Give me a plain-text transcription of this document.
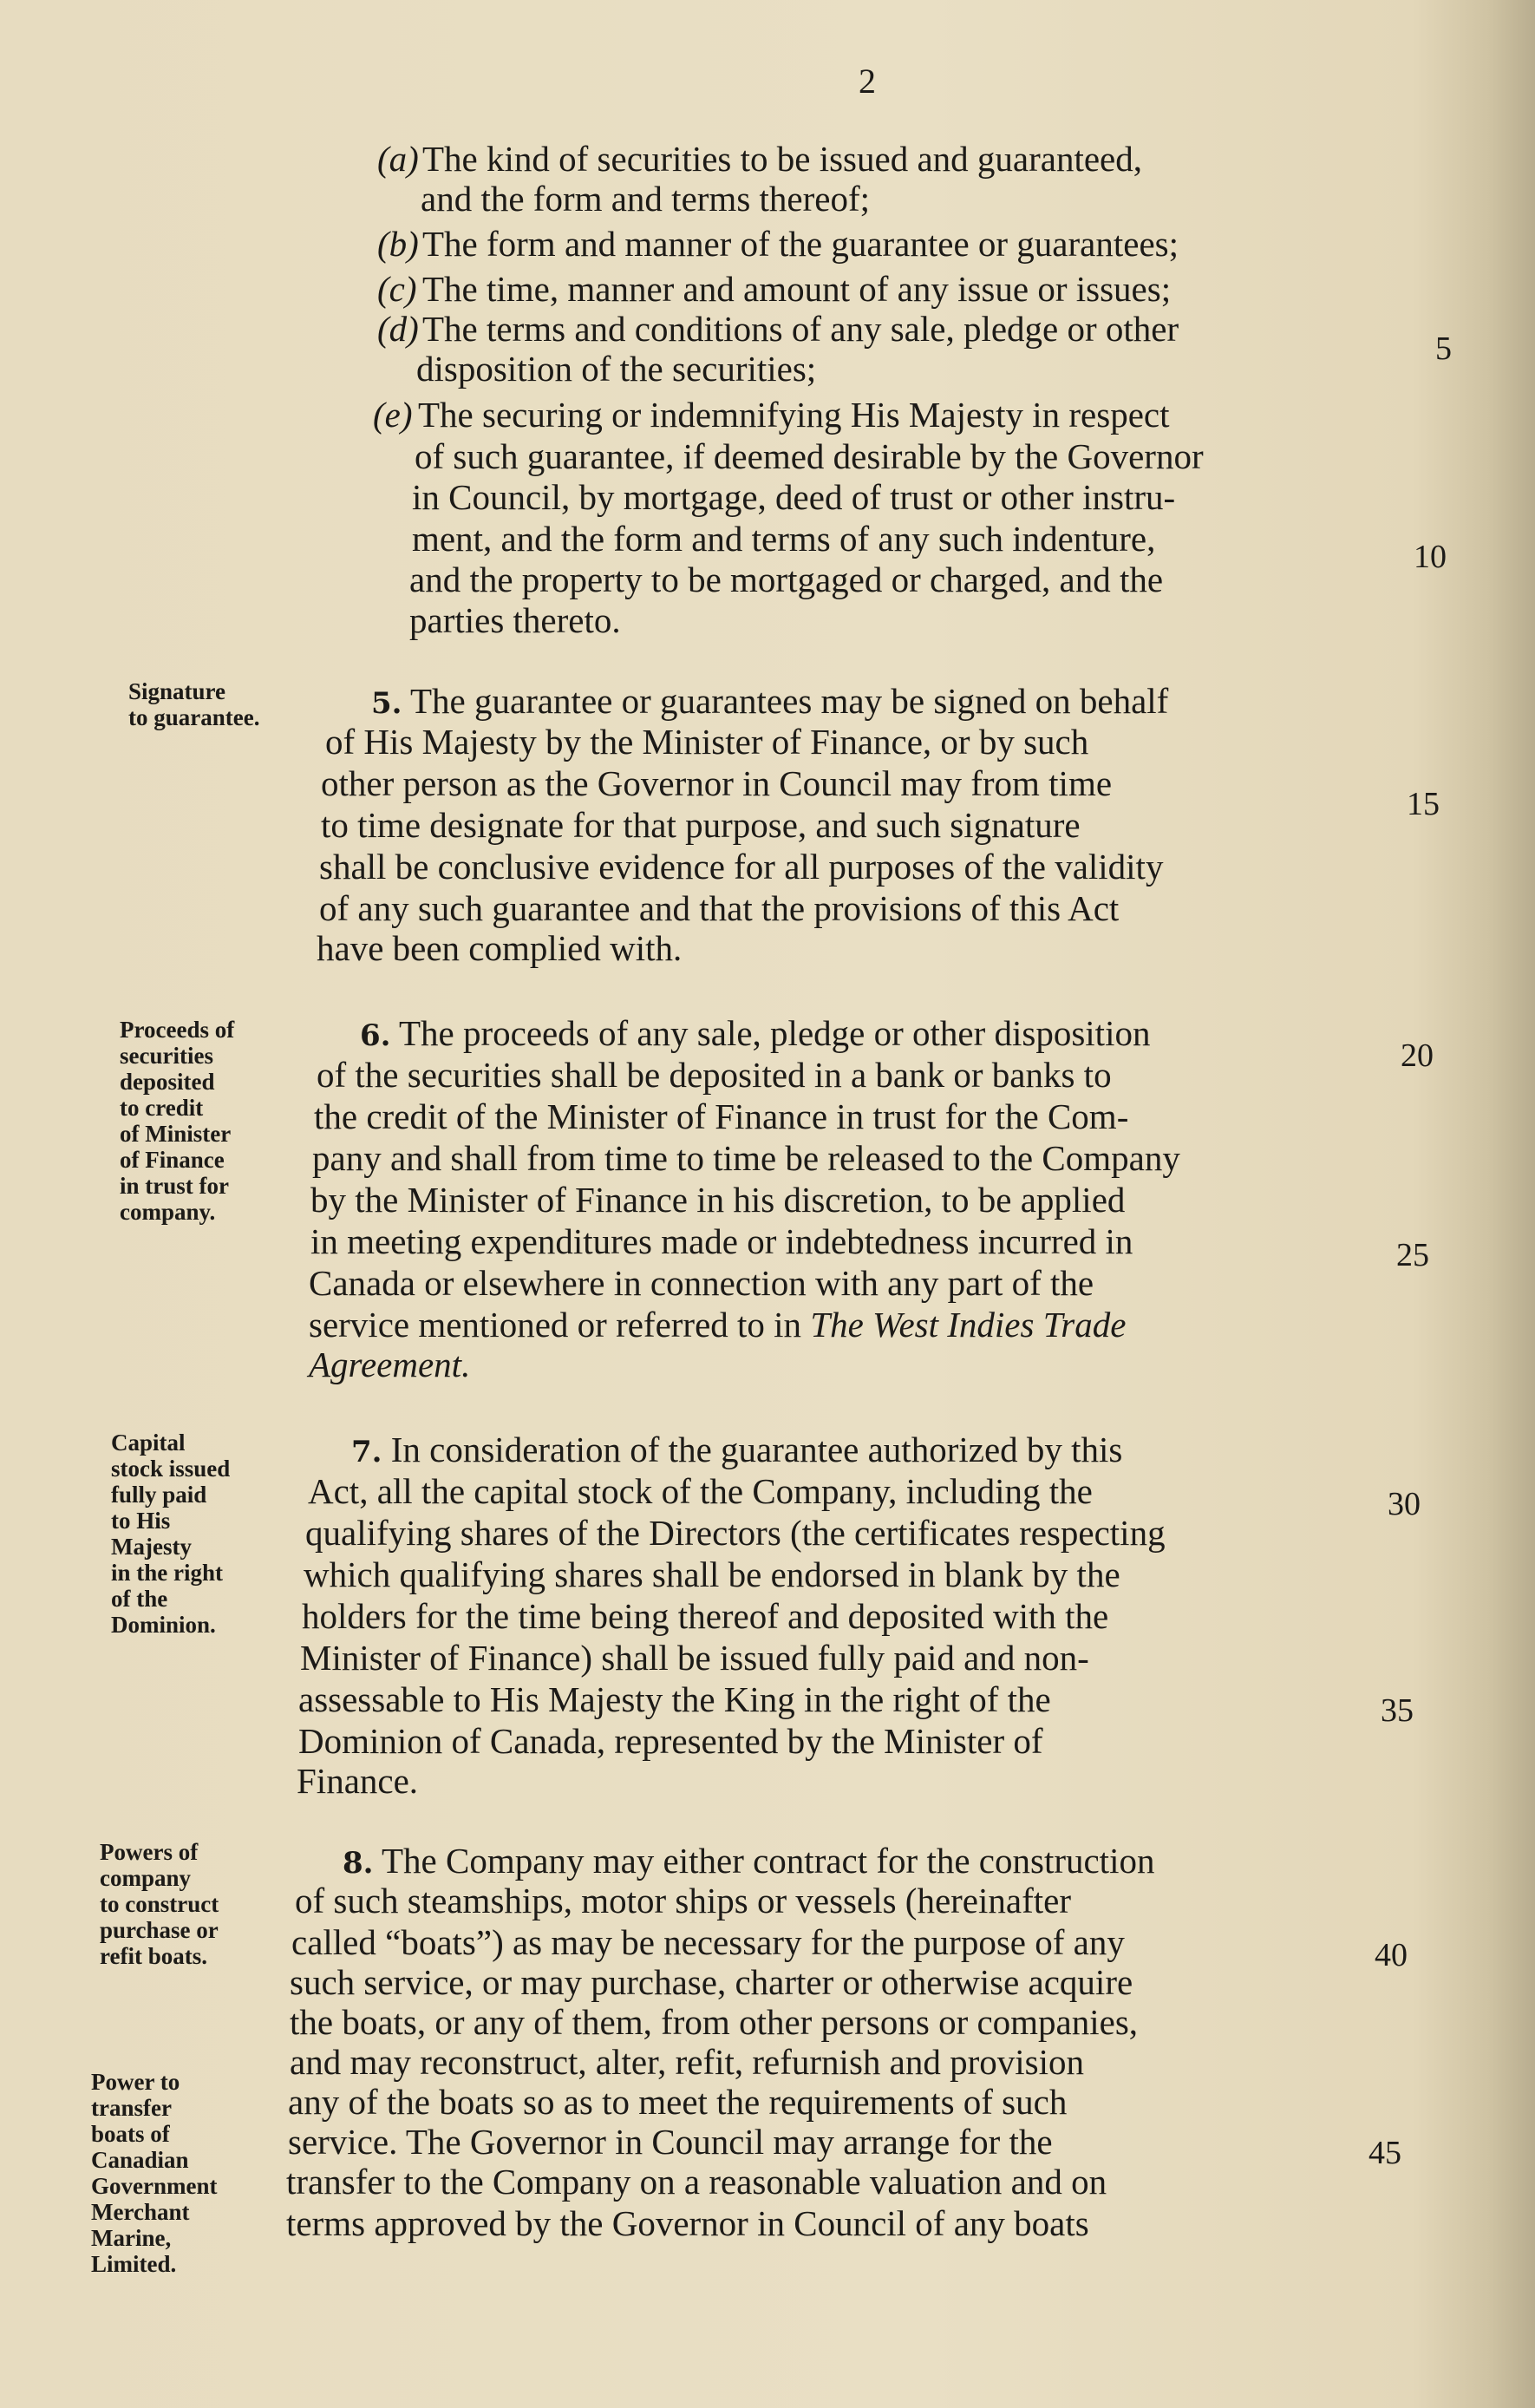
2
(a) The kind of securities to be issued and guaranteed,
and the form and terms thereof;
(b) The form and manner of the guarantee or guarantees;
(c) The time, manner and amount of any issue or issues;
(d) The terms and conditions of any sale, pledge or other
disposition of the securities;
(e) The securing or indemnifying His Majesty in respect
of such guarantee, if deemed desirable by the Governor
in Council, by mortgage, deed of trust or other instru-
ment, and the form and terms of any such indenture,
and the property to be mortgaged or charged, and the
parties thereto.
Signature
to guarantee.	5. The guarantee or guarantees may be signed on behalf
of His Majesty by the Minister of Finance, or by such
other person as the Governor in Council may from time
to time designate for that purpose, and such signature
shall be conclusive evidence for all purposes of the validity
of any such guarantee and that the provisions of this Act
have been complied with.
Proceeds of
securities
deposited
to credit
of Minister
of Finance
in trust for
company.
6. The proceeds of any sale, pledge or other disposition
of the securities shall be deposited in a bank or banks to
the credit of the Minister of Finance in trust for the Com-
pany and shall from time to time be released to the Company
by the Minister of Finance in his discretion, to be applied
in meeting expenditures made or indebtedness incurred in
Canada or elsewhere in connection with any part of the
service mentioned or referred to in The West Indies Trade
Agreement.
Capital
stock issued
fully paid
to His
Majesty
in the right
of the
Dominion.
7. In consideration of the guarantee authorized by this
Act, all the capital stock of the Company, including the
qualifying shares of the Directors (the certificates respecting
which qualifying shares shall be endorsed in blank by the
holders for the time being thereof and deposited with the
Minister of Finance) shall be issued fully paid and non-
assessable to His Majesty the King in the right of the
Dominion of Canada, represented by the Minister of
Finance.
Powers of
company
to construct
purchase or
refit boats.
Power to
transfer
boats of
Canadian
Government
Merchant
Marine,
Limited.
8. The Company may either contract for the construction
of such steamships, motor ships or vessels (hereinafter
called “boats”) as may be necessary for the purpose of any
such service, or may purchase, charter or otherwise acquire
the boats, or any of them, from other persons or companies,
and may reconstruct, alter, refit, refurnish and provision
any of the boats so as to meet the requirements of such
service. The Governor in Council may arrange for the
transfer to the Company on a reasonable valuation and on
terms approved by the Governor in Council of any boats
5
10
15
20
25
30
35
40
45
